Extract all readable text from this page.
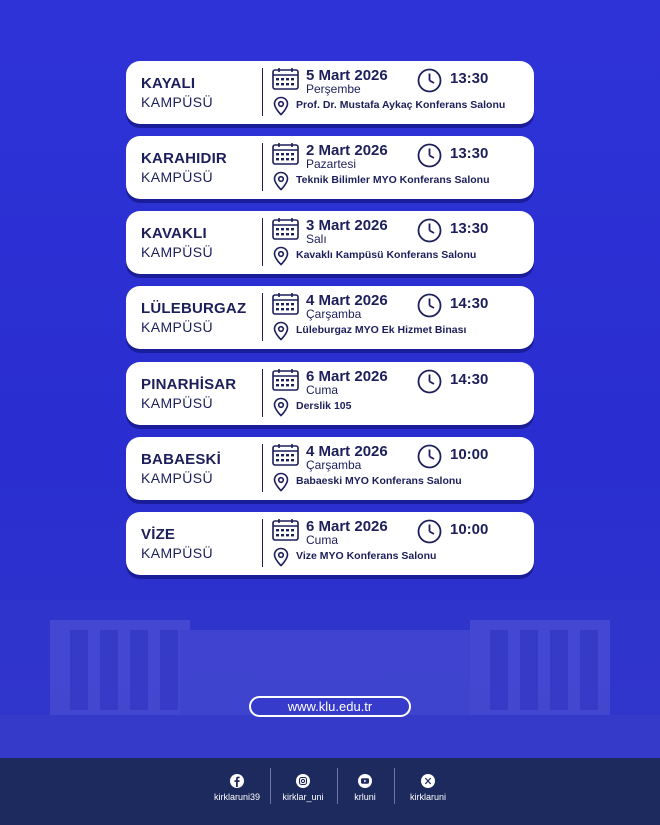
KAYALI
KAMPÜSÜ
5 Mart 2026
Perşembe
13:30
Prof. Dr. Mustafa Aykaç Konferans Salonu
KARAHIDIR
KAMPÜSÜ
2 Mart 2026
Pazartesi
13:30
Teknik Bilimler MYO Konferans Salonu
KAVAKLI
KAMPÜSÜ
3 Mart 2026
Salı
13:30
Kavaklı Kampüsü Konferans Salonu
LÜLEBURGAZ
KAMPÜSÜ
4 Mart 2026
Çarşamba
14:30
Lüleburgaz MYO Ek Hizmet Binası
PINARHİSAR
KAMPÜSÜ
6 Mart 2026
Cuma
14:30
Derslik 105
BABAESKİ
KAMPÜSÜ
4 Mart 2026
Çarşamba
10:00
Babaeski MYO Konferans Salonu
VİZE
KAMPÜSÜ
6 Mart 2026
Cuma
10:00
Vize MYO Konferans Salonu
www.klu.edu.tr
kirklaruni39	kirklar_uni	krluni	kirklaruni
